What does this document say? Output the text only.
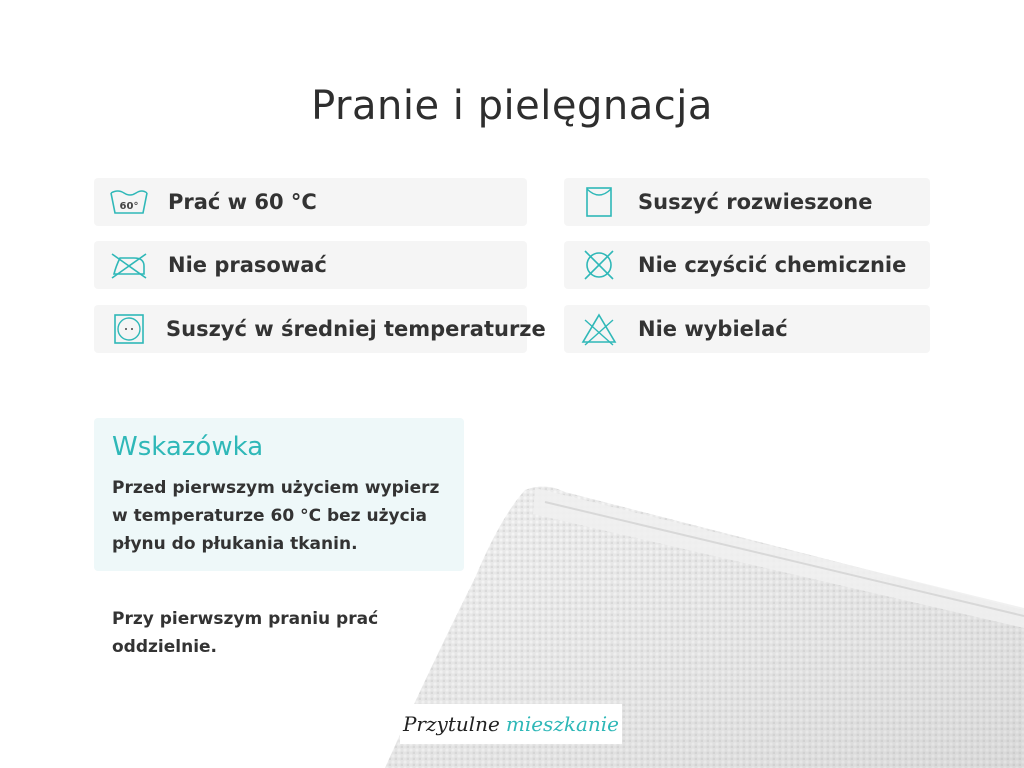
Pranie i pielęgnacja
60° Prać w 60 °C
Nie prasować
Suszyć w średniej temperaturze
Suszyć rozwieszone
Nie czyścić chemicznie
Nie wybielać
Wskazówka
Przed pierwszym użyciem wypierz w temperaturze 60 °C bez użycia płynu do płukania tkanin.
Przy pierwszym praniu prać oddzielnie.
Przytulne mieszkanie
